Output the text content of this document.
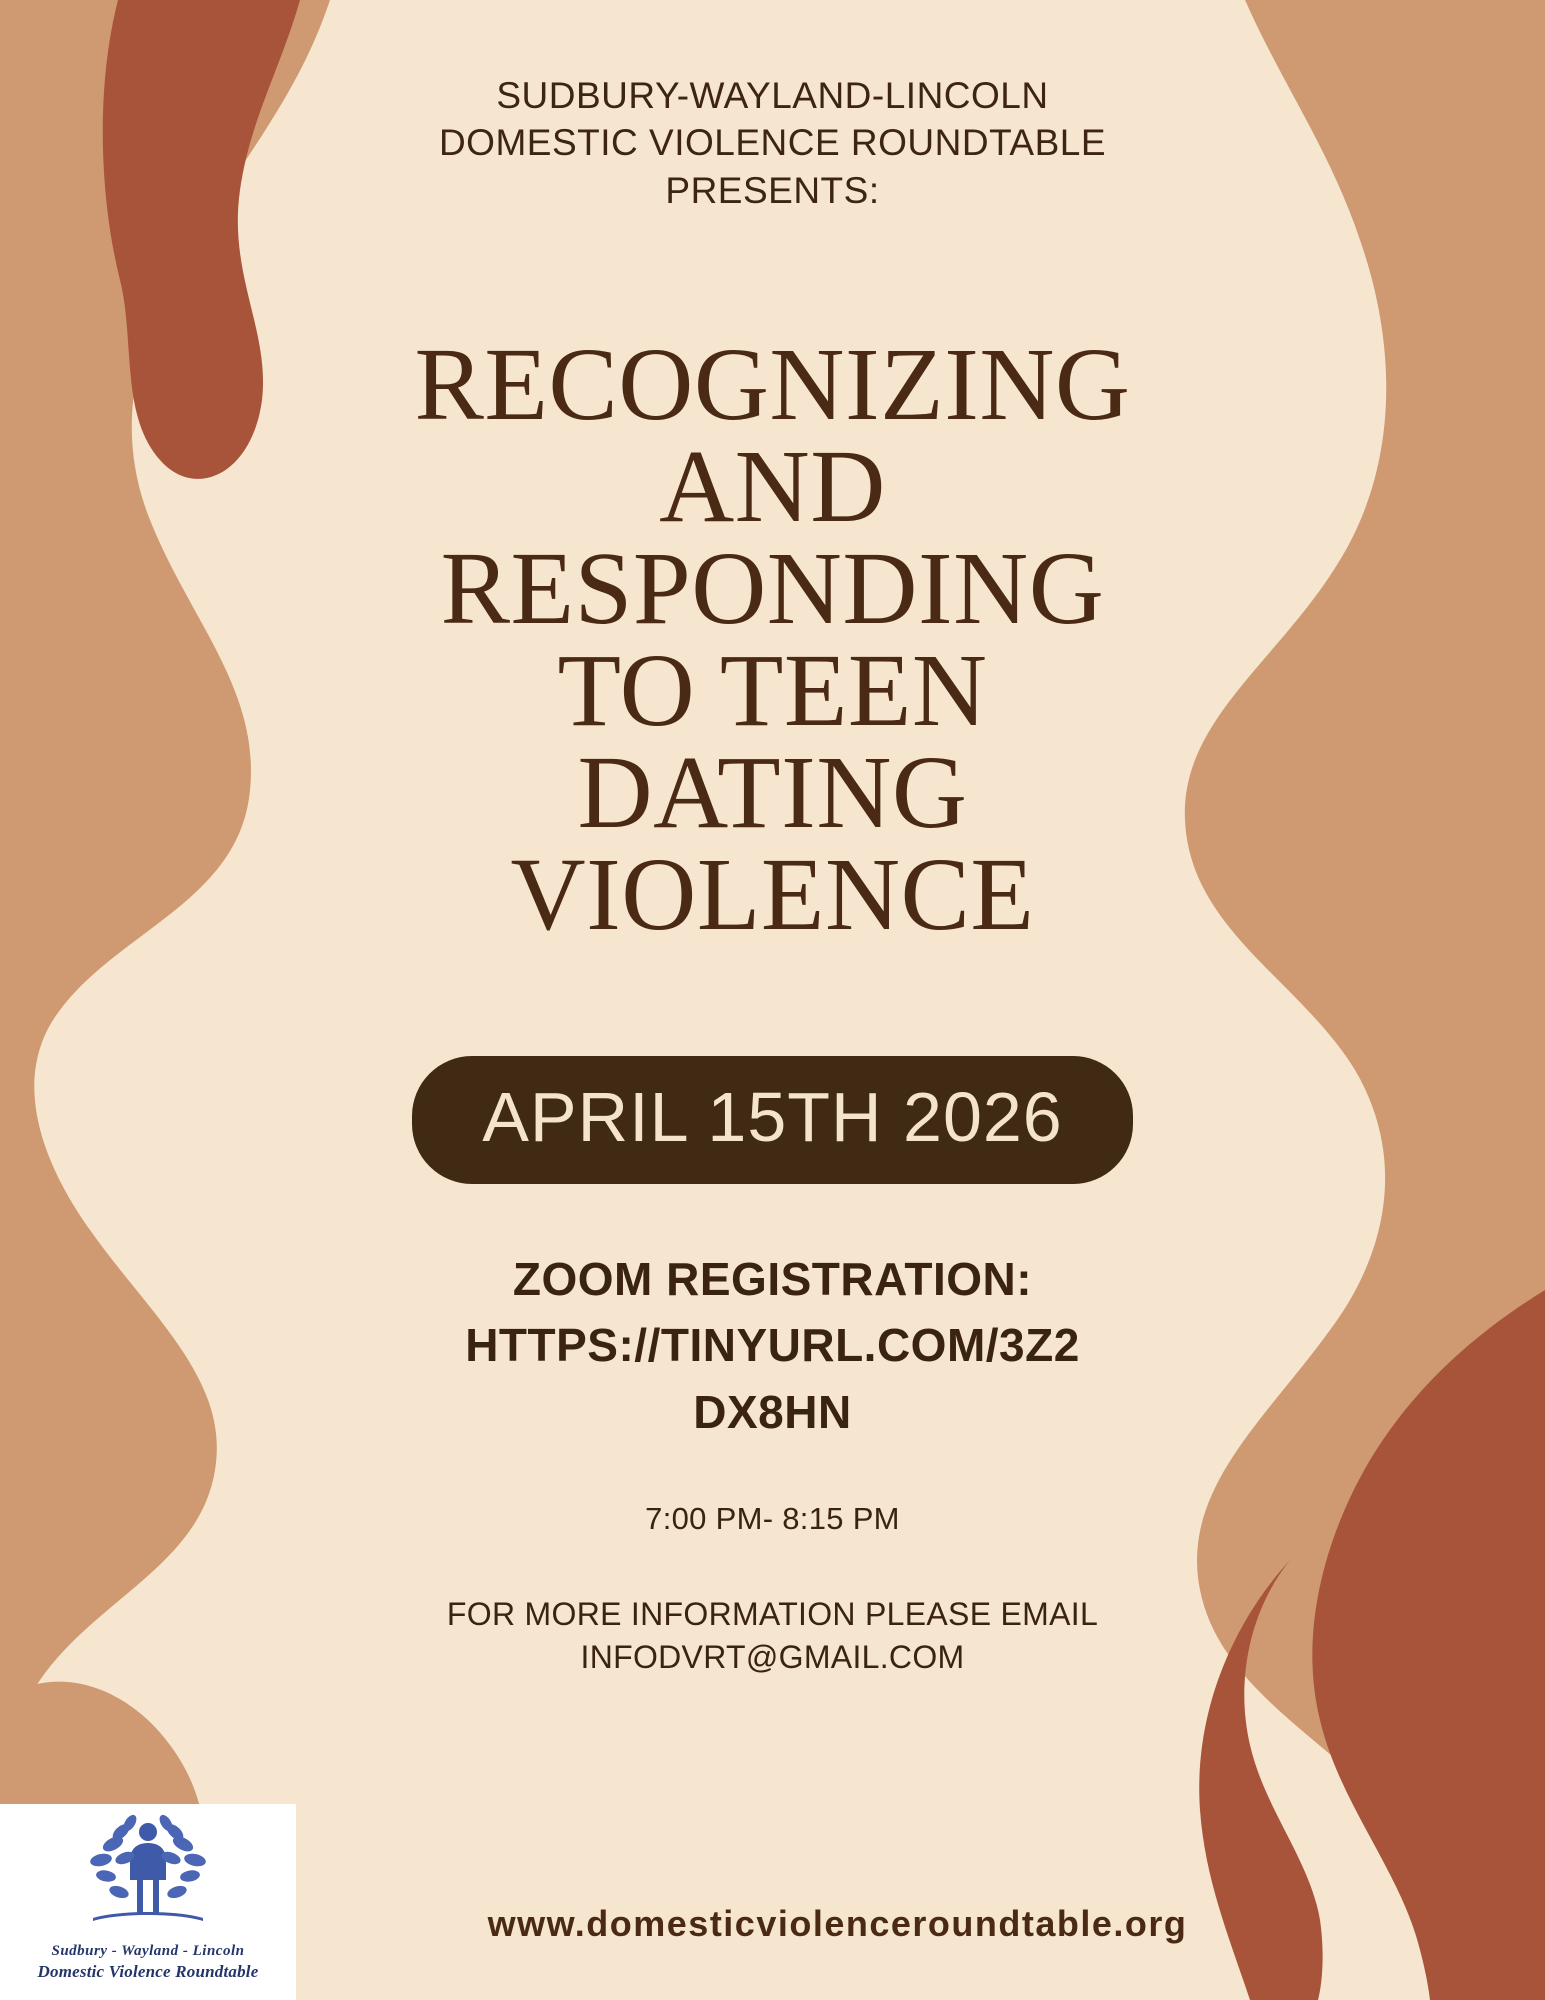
SUDBURY-WAYLAND-LINCOLN
DOMESTIC VIOLENCE ROUNDTABLE
PRESENTS:
RECOGNIZING
AND
RESPONDING
TO TEEN
DATING
VIOLENCE
APRIL 15TH 2026
ZOOM REGISTRATION:
HTTPS://TINYURL.COM/3Z2
DX8HN
7:00 PM- 8:15 PM
FOR MORE INFORMATION PLEASE EMAIL
INFODVRT@GMAIL.COM
www.domesticviolenceroundtable.org
Sudbury - Wayland - Lincoln
Domestic Violence Roundtable
